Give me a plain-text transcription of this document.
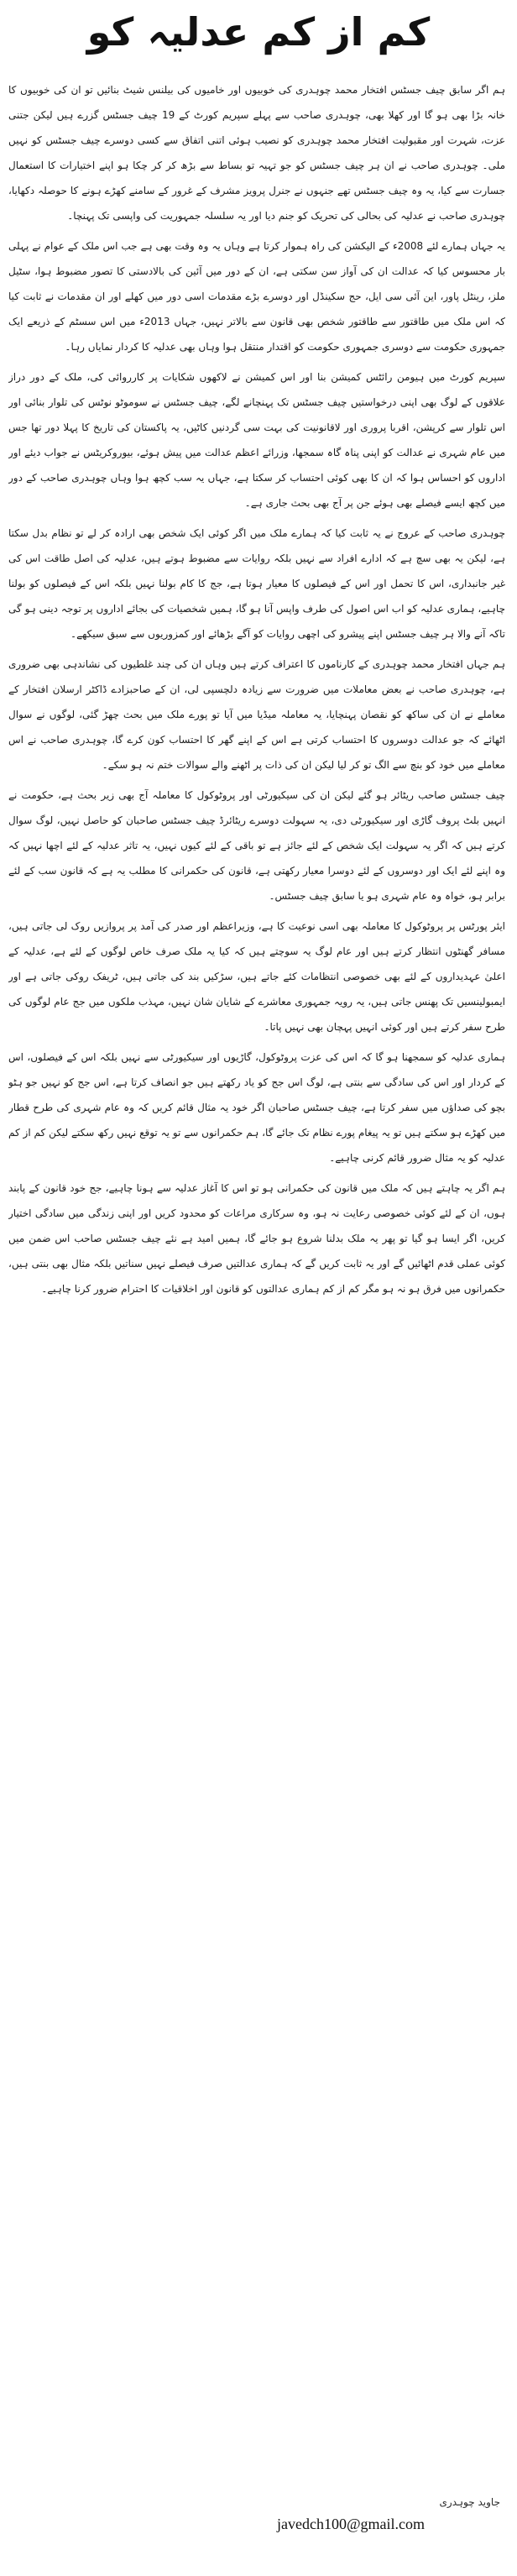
کم از کم عدلیہ کو

ہم اگر سابق چیف جسٹس افتخار محمد چوہدری کی خوبیوں اور خامیوں کی بیلنس شیٹ بنائیں تو ان کی خوبیوں کا خانہ بڑا بھی ہو گا اور کھلا بھی، چوہدری صاحب سے پہلے سپریم کورٹ کے 19 چیف جسٹس گزرے ہیں لیکن جتنی عزت، شہرت اور مقبولیت افتخار محمد چوہدری کو نصیب ہوئی اتنی اتفاق سے کسی دوسرے چیف جسٹس کو نہیں ملی۔ چوہدری صاحب نے ان ہر چیف جسٹس کو جو تہیہ تو بساط سے بڑھ کر کر چکا ہو اپنے اختیارات کا استعمال جسارت سے کیا، یہ وہ چیف جسٹس تھے جنہوں نے جنرل پرویز مشرف کے غرور کے سامنے کھڑے ہونے کا حوصلہ دکھایا، چوہدری صاحب نے عدلیہ کی بحالی کی تحریک کو جنم دیا اور یہ سلسلہ جمہوریت کی واپسی تک پہنچا۔

یہ جہاں ہمارے لئے 2008ء کے الیکشن کی راہ ہموار کرتا ہے وہاں یہ وہ وقت بھی ہے جب اس ملک کے عوام نے پہلی بار محسوس کیا کہ عدالت ان کی آواز سن سکتی ہے، ان کے دور میں آئین کی بالادستی کا تصور مضبوط ہوا، سٹیل ملز، رینٹل پاور، این آئی سی ایل، حج سکینڈل اور دوسرے بڑے مقدمات اسی دور میں کھلے اور ان مقدمات نے ثابت کیا کہ اس ملک میں طاقتور سے طاقتور شخص بھی قانون سے بالاتر نہیں، جہاں 2013ء میں اس سسٹم کے ذریعے ایک جمہوری حکومت سے دوسری جمہوری حکومت کو اقتدار منتقل ہوا وہاں بھی عدلیہ کا کردار نمایاں رہا۔

سپریم کورٹ میں ہیومن رائٹس کمیشن بنا اور اس کمیشن نے لاکھوں شکایات پر کارروائی کی، ملک کے دور دراز علاقوں کے لوگ بھی اپنی درخواستیں چیف جسٹس تک پہنچانے لگے، چیف جسٹس نے سوموٹو نوٹس کی تلوار بنائی اور اس تلوار سے کرپشن، اقربا پروری اور لاقانونیت کی بہت سی گردنیں کاٹیں، یہ پاکستان کی تاریخ کا پہلا دور تھا جس میں عام شہری نے عدالت کو اپنی پناہ گاہ سمجھا، وزرائے اعظم عدالت میں پیش ہوئے، بیوروکریٹس نے جواب دیئے اور اداروں کو احساس ہوا کہ ان کا بھی کوئی احتساب کر سکتا ہے، جہاں یہ سب کچھ ہوا وہاں چوہدری صاحب کے دور میں کچھ ایسے فیصلے بھی ہوئے جن پر آج بھی بحث جاری ہے۔

چوہدری صاحب کے عروج نے یہ ثابت کیا کہ ہمارے ملک میں اگر کوئی ایک شخص بھی ارادہ کر لے تو نظام بدل سکتا ہے، لیکن یہ بھی سچ ہے کہ ادارے افراد سے نہیں بلکہ روایات سے مضبوط ہوتے ہیں، عدلیہ کی اصل طاقت اس کی غیر جانبداری، اس کا تحمل اور اس کے فیصلوں کا معیار ہوتا ہے، جج کا کام بولنا نہیں بلکہ اس کے فیصلوں کو بولنا چاہیے، ہماری عدلیہ کو اب اس اصول کی طرف واپس آنا ہو گا، ہمیں شخصیات کی بجائے اداروں پر توجہ دینی ہو گی تاکہ آنے والا ہر چیف جسٹس اپنے پیشرو کی اچھی روایات کو آگے بڑھائے اور کمزوریوں سے سبق سیکھے۔

ہم جہاں افتخار محمد چوہدری کے کارناموں کا اعتراف کرتے ہیں وہاں ان کی چند غلطیوں کی نشاندہی بھی ضروری ہے، چوہدری صاحب نے بعض معاملات میں ضرورت سے زیادہ دلچسپی لی، ان کے صاحبزادے ڈاکٹر ارسلان افتخار کے معاملے نے ان کی ساکھ کو نقصان پہنچایا، یہ معاملہ میڈیا میں آیا تو پورے ملک میں بحث چھڑ گئی، لوگوں نے سوال اٹھائے کہ جو عدالت دوسروں کا احتساب کرتی ہے اس کے اپنے گھر کا احتساب کون کرے گا، چوہدری صاحب نے اس معاملے میں خود کو بنچ سے الگ تو کر لیا لیکن ان کی ذات پر اٹھنے والے سوالات ختم نہ ہو سکے۔

چیف جسٹس صاحب ریٹائر ہو گئے لیکن ان کی سیکیورٹی اور پروٹوکول کا معاملہ آج بھی زیر بحث ہے، حکومت نے انہیں بلٹ پروف گاڑی اور سیکیورٹی دی، یہ سہولت دوسرے ریٹائرڈ چیف جسٹس صاحبان کو حاصل نہیں، لوگ سوال کرتے ہیں کہ اگر یہ سہولت ایک شخص کے لئے جائز ہے تو باقی کے لئے کیوں نہیں، یہ تاثر عدلیہ کے لئے اچھا نہیں کہ وہ اپنے لئے ایک اور دوسروں کے لئے دوسرا معیار رکھتی ہے، قانون کی حکمرانی کا مطلب یہ ہے کہ قانون سب کے لئے برابر ہو، خواہ وہ عام شہری ہو یا سابق چیف جسٹس۔

ایئر پورٹس پر پروٹوکول کا معاملہ بھی اسی نوعیت کا ہے، وزیراعظم اور صدر کی آمد پر پروازیں روک لی جاتی ہیں، مسافر گھنٹوں انتظار کرتے ہیں اور عام لوگ یہ سوچتے ہیں کہ کیا یہ ملک صرف خاص لوگوں کے لئے ہے، عدلیہ کے اعلیٰ عہدیداروں کے لئے بھی خصوصی انتظامات کئے جاتے ہیں، سڑکیں بند کی جاتی ہیں، ٹریفک روکی جاتی ہے اور ایمبولینسیں تک پھنس جاتی ہیں، یہ رویہ جمہوری معاشرے کے شایان شان نہیں، مہذب ملکوں میں جج عام لوگوں کی طرح سفر کرتے ہیں اور کوئی انہیں پہچان بھی نہیں پاتا۔

ہماری عدلیہ کو سمجھنا ہو گا کہ اس کی عزت پروٹوکول، گاڑیوں اور سیکیورٹی سے نہیں بلکہ اس کے فیصلوں، اس کے کردار اور اس کی سادگی سے بنتی ہے، لوگ اس جج کو یاد رکھتے ہیں جو انصاف کرتا ہے، اس جج کو نہیں جو ہٹو بچو کی صداؤں میں سفر کرتا ہے، چیف جسٹس صاحبان اگر خود یہ مثال قائم کریں کہ وہ عام شہری کی طرح قطار میں کھڑے ہو سکتے ہیں تو یہ پیغام پورے نظام تک جائے گا، ہم حکمرانوں سے تو یہ توقع نہیں رکھ سکتے لیکن کم از کم عدلیہ کو یہ مثال ضرور قائم کرنی چاہیے۔

ہم اگر یہ چاہتے ہیں کہ ملک میں قانون کی حکمرانی ہو تو اس کا آغاز عدلیہ سے ہونا چاہیے، جج خود قانون کے پابند ہوں، ان کے لئے کوئی خصوصی رعایت نہ ہو، وہ سرکاری مراعات کو محدود کریں اور اپنی زندگی میں سادگی اختیار کریں، اگر ایسا ہو گیا تو پھر یہ ملک بدلنا شروع ہو جائے گا، ہمیں امید ہے نئے چیف جسٹس صاحب اس ضمن میں کوئی عملی قدم اٹھائیں گے اور یہ ثابت کریں گے کہ ہماری عدالتیں صرف فیصلے نہیں سناتیں بلکہ مثال بھی بنتی ہیں، حکمرانوں میں فرق ہو نہ ہو مگر کم از کم ہماری عدالتوں کو قانون اور اخلاقیات کا احترام ضرور کرنا چاہیے۔

جاوید چوہدری
javedch100@gmail.com
